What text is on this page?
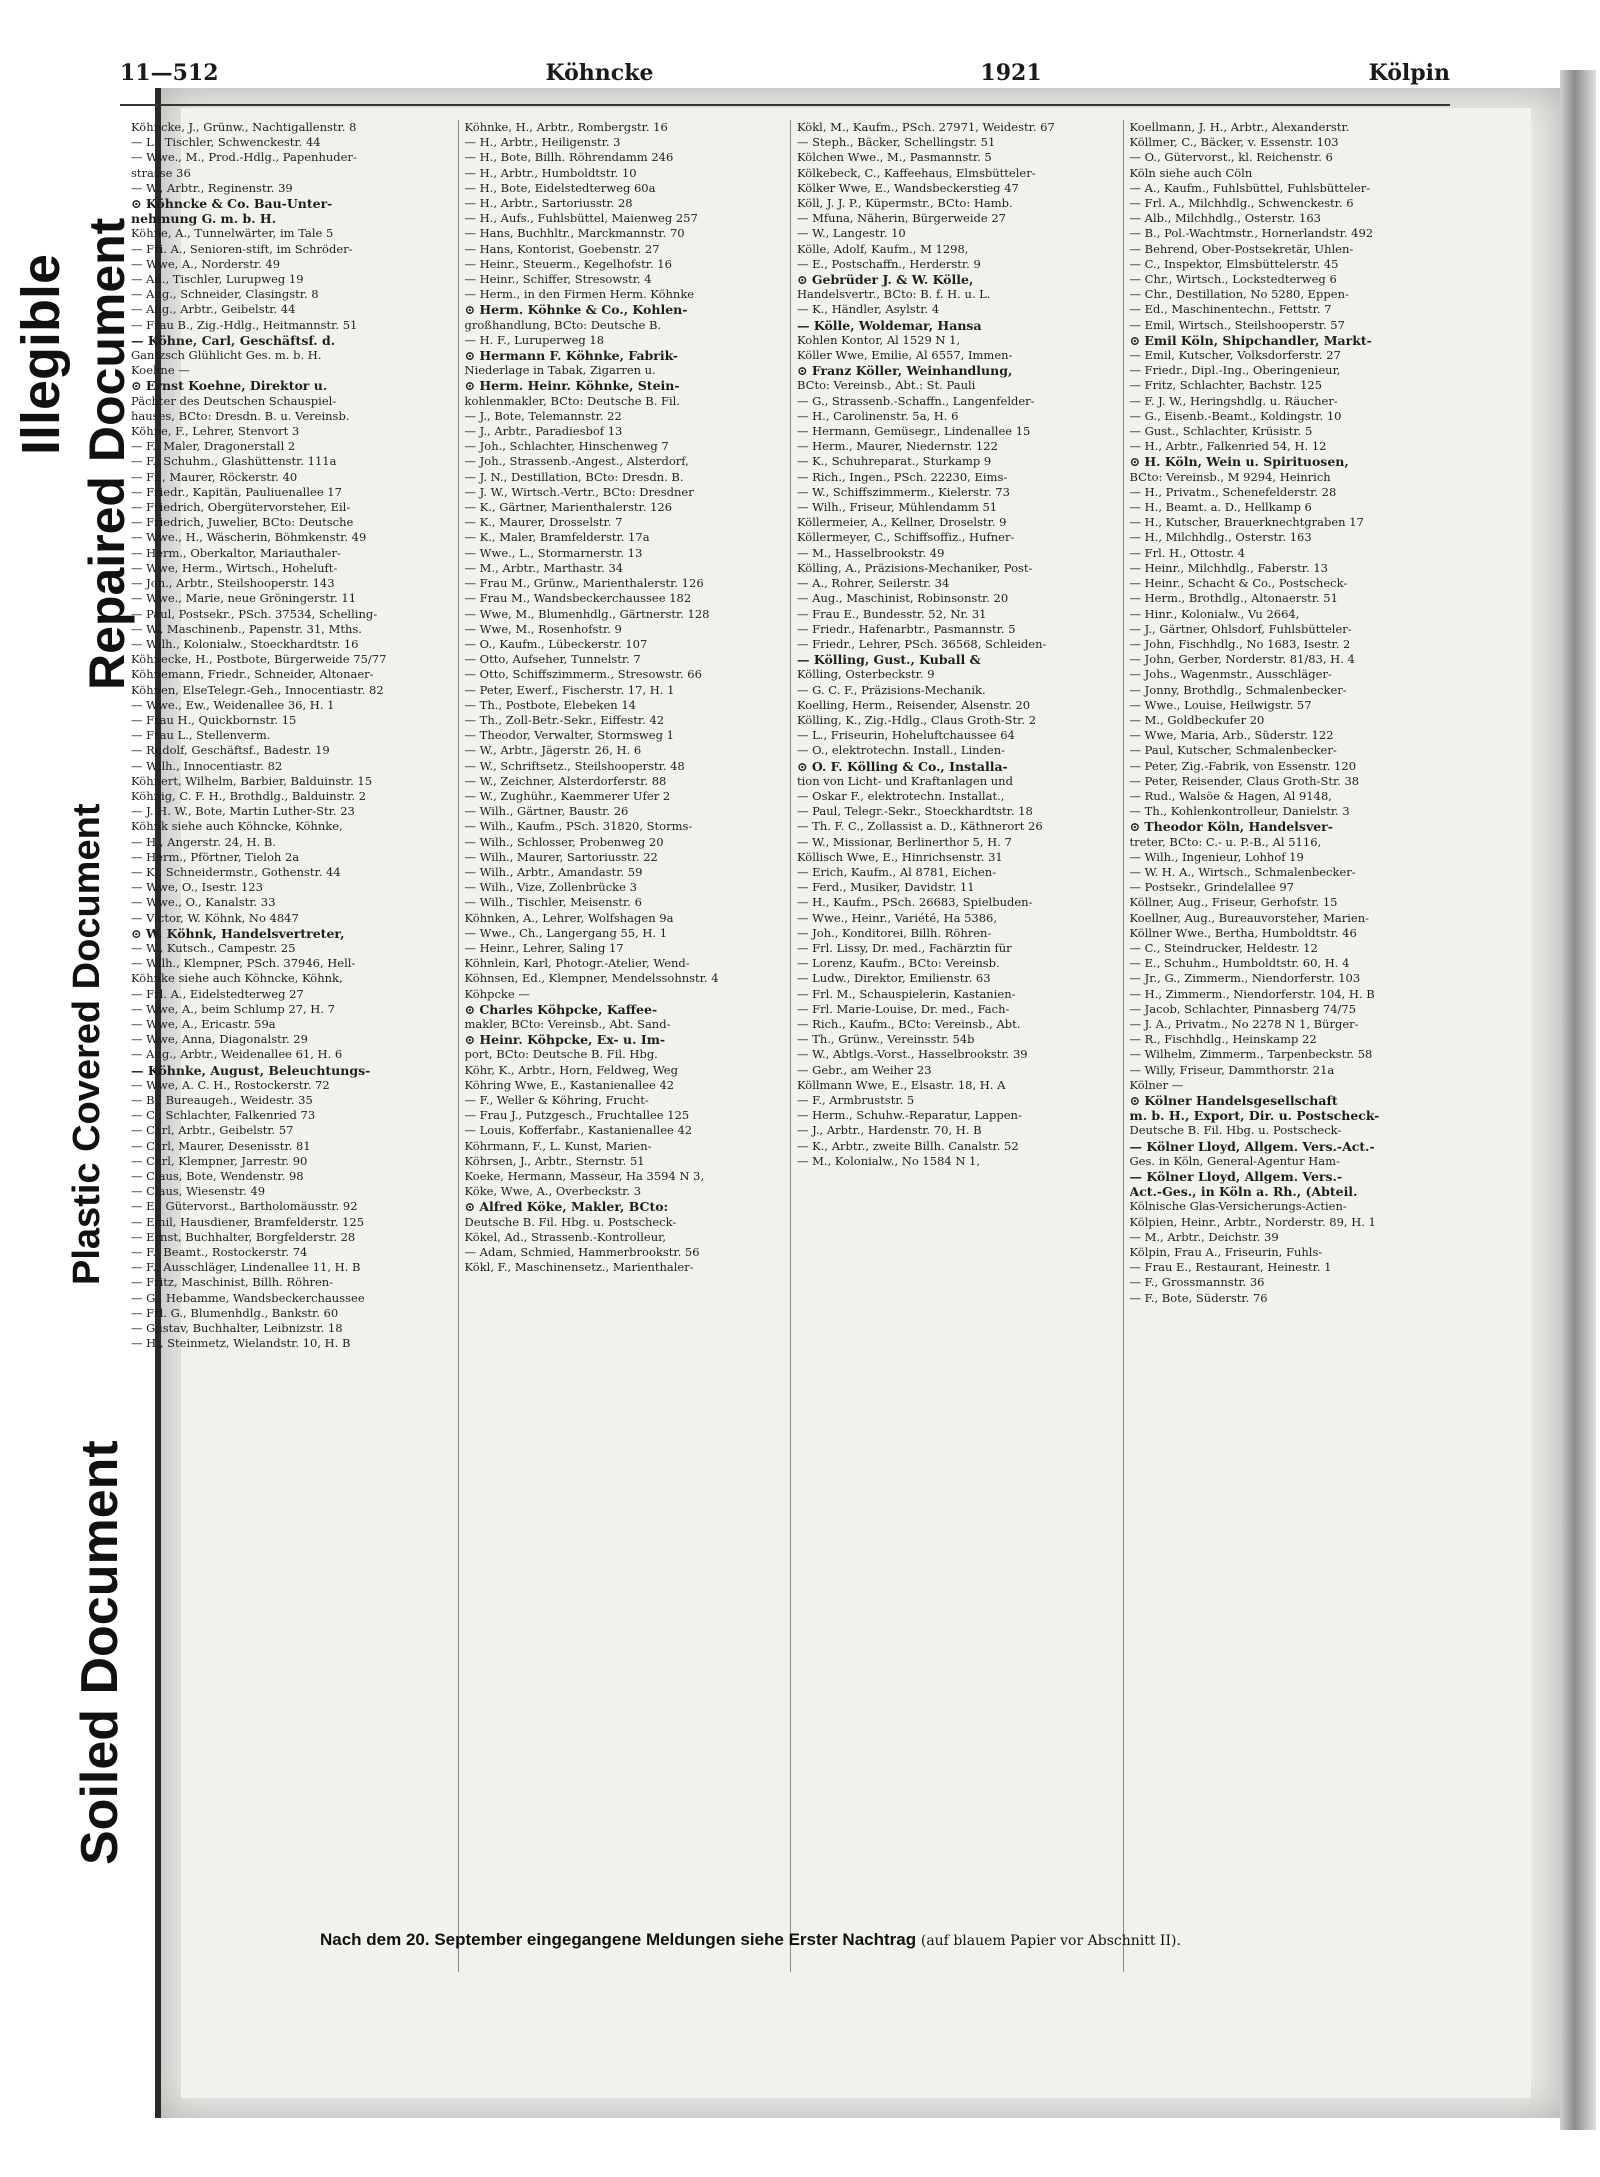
Illegible Repaired Document
Plastic Covered Document
Soiled Document
11—512	Köhncke	1921	Kölpin
Köhncke, J., Grünw., Nachtigallenstr. 8
— L., Tischler, Schwenckestr. 44
— Wwe., M., Prod.-Hdlg., Papenhuder-
strasse 36
— W., Arbtr., Reginenstr. 39
⊙ Köhncke & Co. Bau-Unter-
nehmung G. m. b. H.
Köhne, A., Tunnelwärter, im Tale 5
— Fri. A., Senioren-stift, im Schröder-
— Wwe, A., Norderstr. 49
— Ad., Tischler, Lurupweg 19
— Aug., Schneider, Clasingstr. 8
— Aug., Arbtr., Geibelstr. 44
— Frau B., Zig.-Hdlg., Heitmannstr. 51
— Köhne, Carl, Geschäftsf. d.
Gantzsch Glühlicht Ges. m. b. H.
Koehne —
⊙ Ernst Koehne, Direktor u.
Pächter des Deutschen Schauspiel-
hauses, BCto: Dresdn. B. u. Vereinsb.
Köhne, F., Lehrer, Stenvort 3
— F., Maler, Dragonerstall 2
— F., Schuhm., Glashüttenstr. 111a
— Fr., Maurer, Röckerstr. 40
— Friedr., Kapitän, Pauliuenallee 17
— Friedrich, Obergütervorsteher, Eil-
— Friedrich, Juwelier, BCto: Deutsche
— Wwe., H., Wäscherin, Böhmkenstr. 49
— Herm., Oberkaltor, Mariauthaler-
— Wwe, Herm., Wirtsch., Hoheluft-
— Joh., Arbtr., Steilshooperstr. 143
— Wwe., Marie, neue Gröningerstr. 11
— Paul, Postsekr., PSch. 37534, Schelling-
— W., Maschinenb., Papenstr. 31, Mths.
— Wilh., Kolonialw., Stoeckhardtstr. 16
Köhnecke, H., Postbote, Bürgerweide 75/77
Köhnemann, Friedr., Schneider, Altonaer-
Köhnen, ElseTelegr.-Geh., Innocentiastr. 82
— Wwe., Ew., Weidenallee 36, H. 1
— Frau H., Quickbornstr. 15
— Frau L., Stellenverm.
— Rudolf, Geschäftsf., Badestr. 19
— Wilh., Innocentiastr. 82
Köhnert, Wilhelm, Barbier, Balduinstr. 15
Köhnig, C. F. H., Brothdlg., Balduinstr. 2
— J. H. W., Bote, Martin Luther-Str. 23
Köhnk siehe auch Köhncke, Köhnke,
— H., Angerstr. 24, H. B.
— Herm., Pförtner, Tieloh 2a
— K., Schneidermstr., Gothenstr. 44
— Wwe, O., Isestr. 123
— Wwe., O., Kanalstr. 33
— Victor, W. Köhnk, No 4847
⊙ W. Köhnk, Handelsvertreter,
— W., Kutsch., Campestr. 25
— Wilh., Klempner, PSch. 37946, Hell-
Köhnke siehe auch Köhncke, Köhnk,
— Frl. A., Eidelstedterweg 27
— Wwe, A., beim Schlump 27, H. 7
— Wwe, A., Ericastr. 59a
— Wwe, Anna, Diagonalstr. 29
— Aug., Arbtr., Weidenallee 61, H. 6
— Köhnke, August, Beleuchtungs-
— Wwe, A. C. H., Rostockerstr. 72
— B., Bureaugeh., Weidestr. 35
— C., Schlachter, Falkenried 73
— Carl, Arbtr., Geibelstr. 57
— Carl, Maurer, Desenisstr. 81
— Carl, Klempner, Jarrestr. 90
— Claus, Bote, Wendenstr. 98
— Claus, Wiesenstr. 49
— E., Gütervorst., Bartholomäusstr. 92
— Emil, Hausdiener, Bramfelderstr. 125
— Ernst, Buchhalter, Borgfelderstr. 28
— F., Beamt., Rostockerstr. 74
— F., Ausschläger, Lindenallee 11, H. B
— Fritz, Maschinist, Billh. Röhren-
— G., Hebamme, Wandsbeckerchaussee
— Frl. G., Blumenhdlg., Bankstr. 60
— Gustav, Buchhalter, Leibnizstr. 18
— H., Steinmetz, Wielandstr. 10, H. B
Köhnke, H., Arbtr., Rombergstr. 16
— H., Arbtr., Heiligenstr. 3
— H., Bote, Billh. Röhrendamm 246
— H., Arbtr., Humboldtstr. 10
— H., Bote, Eidelstedterweg 60a
— H., Arbtr., Sartoriusstr. 28
— H., Aufs., Fuhlsbüttel, Maienweg 257
— Hans, Buchhltr., Marckmannstr. 70
— Hans, Kontorist, Goebenstr. 27
— Heinr., Steuerm., Kegelhofstr. 16
— Heinr., Schiffer, Stresowstr. 4
— Herm., in den Firmen Herm. Köhnke
⊙ Herm. Köhnke & Co., Kohlen-
großhandlung, BCto: Deutsche B.
— H. F., Luruperweg 18
⊙ Hermann F. Köhnke, Fabrik-
Niederlage in Tabak, Zigarren u.
⊙ Herm. Heinr. Köhnke, Stein-
kohlenmakler, BCto: Deutsche B. Fil.
— J., Bote, Telemannstr. 22
— J., Arbtr., Paradiesbof 13
— Joh., Schlachter, Hinschenweg 7
— Joh., Strassenb.-Angest., Alsterdorf,
— J. N., Destillation, BCto: Dresdn. B.
— J. W., Wirtsch.-Vertr., BCto: Dresdner
— K., Gärtner, Marienthalerstr. 126
— K., Maurer, Drosselstr. 7
— K., Maler, Bramfelderstr. 17a
— Wwe., L., Stormarnerstr. 13
— M., Arbtr., Marthastr. 34
— Frau M., Grünw., Marienthalerstr. 126
— Frau M., Wandsbeckerchaussee 182
— Wwe, M., Blumenhdlg., Gärtnerstr. 128
— Wwe, M., Rosenhofstr. 9
— O., Kaufm., Lübeckerstr. 107
— Otto, Aufseher, Tunnelstr. 7
— Otto, Schiffszimmerm., Stresowstr. 66
— Peter, Ewerf., Fischerstr. 17, H. 1
— Th., Postbote, Elebeken 14
— Th., Zoll-Betr.-Sekr., Eiffestr. 42
— Theodor, Verwalter, Stormsweg 1
— W., Arbtr., Jägerstr. 26, H. 6
— W., Schriftsetz., Steilshooperstr. 48
— W., Zeichner, Alsterdorferstr. 88
— W., Zughühr., Kaemmerer Ufer 2
— Wilh., Gärtner, Baustr. 26
— Wilh., Kaufm., PSch. 31820, Storms-
— Wilh., Schlosser, Probenweg 20
— Wilh., Maurer, Sartoriusstr. 22
— Wilh., Arbtr., Amandastr. 59
— Wilh., Vize, Zollenbrücke 3
— Wilh., Tischler, Meisenstr. 6
Köhnken, A., Lehrer, Wolfshagen 9a
— Wwe., Ch., Langergang 55, H. 1
— Heinr., Lehrer, Saling 17
Köhnlein, Karl, Photogr.-Atelier, Wend-
Köhnsen, Ed., Klempner, Mendelssohnstr. 4
Köhpcke —
⊙ Charles Köhpcke, Kaffee-
makler, BCto: Vereinsb., Abt. Sand-
⊙ Heinr. Köhpcke, Ex- u. Im-
port, BCto: Deutsche B. Fil. Hbg.
Köhr, K., Arbtr., Horn, Feldweg, Weg
Köhring Wwe, E., Kastanienallee 42
— F., Weller & Köhring, Frucht-
— Frau J., Putzgesch., Fruchtallee 125
— Louis, Kofferfabr., Kastanienallee 42
Köhrmann, F., L. Kunst, Marien-
Köhrsen, J., Arbtr., Sternstr. 51
Koeke, Hermann, Masseur, Ha 3594 N 3,
Köke, Wwe, A., Overbeckstr. 3
⊙ Alfred Köke, Makler, BCto:
Deutsche B. Fil. Hbg. u. Postscheck-
Kökel, Ad., Strassenb.-Kontrolleur,
— Adam, Schmied, Hammerbrookstr. 56
Kökl, F., Maschinensetz., Marienthaler-
Kökl, M., Kaufm., PSch. 27971, Weidestr. 67
— Steph., Bäcker, Schellingstr. 51
Kölchen Wwe., M., Pasmannstr. 5
Kölkebeck, C., Kaffeehaus, Elmsbütteler-
Kölker Wwe, E., Wandsbeckerstieg 47
Köll, J. J. P., Küpermstr., BCto: Hamb.
— Mfuna, Näherin, Bürgerweide 27
— W., Langestr. 10
Kölle, Adolf, Kaufm., M 1298,
— E., Postschaffn., Herderstr. 9
⊙ Gebrüder J. & W. Kölle,
Handelsvertr., BCto: B. f. H. u. L.
— K., Händler, Asylstr. 4
— Kölle, Woldemar, Hansa
Kohlen Kontor, Al 1529 N 1,
Köller Wwe, Emilie, Al 6557, Immen-
⊙ Franz Köller, Weinhandlung,
BCto: Vereinsb., Abt.: St. Pauli
— G., Strassenb.-Schaffn., Langenfelder-
— H., Carolinenstr. 5a, H. 6
— Hermann, Gemüsegr., Lindenallee 15
— Herm., Maurer, Niedernstr. 122
— K., Schuhreparat., Sturkamp 9
— Rich., Ingen., PSch. 22230, Eims-
— W., Schiffszimmerm., Kielerstr. 73
— Wilh., Friseur, Mühlendamm 51
Köllermeier, A., Kellner, Droselstr. 9
Köllermeyer, C., Schiffsoffiz., Hufner-
— M., Hasselbrookstr. 49
Kölling, A., Präzisions-Mechaniker, Post-
— A., Rohrer, Seilerstr. 34
— Aug., Maschinist, Robinsonstr. 20
— Frau E., Bundesstr. 52, Nr. 31
— Friedr., Hafenarbtr., Pasmannstr. 5
— Friedr., Lehrer, PSch. 36568, Schleiden-
— Kölling, Gust., Kuball &
Kölling, Osterbeckstr. 9
— G. C. F., Präzisions-Mechanik.
Koelling, Herm., Reisender, Alsenstr. 20
Kölling, K., Zig.-Hdlg., Claus Groth-Str. 2
— L., Friseurin, Hoheluftchaussee 64
— O., elektrotechn. Install., Linden-
⊙ O. F. Kölling & Co., Installa-
tion von Licht- und Kraftanlagen und
— Oskar F., elektrotechn. Installat.,
— Paul, Telegr.-Sekr., Stoeckhardtstr. 18
— Th. F. C., Zollassist a. D., Käthnerort 26
— W., Missionar, Berlinerthor 5, H. 7
Köllisch Wwe, E., Hinrichsenstr. 31
— Erich, Kaufm., Al 8781, Eichen-
— Ferd., Musiker, Davidstr. 11
— H., Kaufm., PSch. 26683, Spielbuden-
— Wwe., Heinr., Variété, Ha 5386,
— Joh., Konditorei, Billh. Röhren-
— Frl. Lissy, Dr. med., Fachärztin für
— Lorenz, Kaufm., BCto: Vereinsb.
— Ludw., Direktor, Emilienstr. 63
— Frl. M., Schauspielerin, Kastanien-
— Frl. Marie-Louise, Dr. med., Fach-
— Rich., Kaufm., BCto: Vereinsb., Abt.
— Th., Grünw., Vereinsstr. 54b
— W., Abtlgs.-Vorst., Hasselbrookstr. 39
— Gebr., am Weiher 23
Köllmann Wwe, E., Elsastr. 18, H. A
— F., Armbruststr. 5
— Herm., Schuhw.-Reparatur, Lappen-
— J., Arbtr., Hardenstr. 70, H. B
— K., Arbtr., zweite Billh. Canalstr. 52
— M., Kolonialw., No 1584 N 1,
Koellmann, J. H., Arbtr., Alexanderstr.
Köllmer, C., Bäcker, v. Essenstr. 103
— O., Gütervorst., kl. Reichenstr. 6
Köln siehe auch Cöln
— A., Kaufm., Fuhlsbüttel, Fuhlsbütteler-
— Frl. A., Milchhdlg., Schwenckestr. 6
— Alb., Milchhdlg., Osterstr. 163
— B., Pol.-Wachtmstr., Hornerlandstr. 492
— Behrend, Ober-Postsekretär, Uhlen-
— C., Inspektor, Elmsbüttelerstr. 45
— Chr., Wirtsch., Lockstedterweg 6
— Chr., Destillation, No 5280, Eppen-
— Ed., Maschinentechn., Fettstr. 7
— Emil, Wirtsch., Steilshooperstr. 57
⊙ Emil Köln, Shipchandler, Markt-
— Emil, Kutscher, Volksdorferstr. 27
— Friedr., Dipl.-Ing., Oberingenieur,
— Fritz, Schlachter, Bachstr. 125
— F. J. W., Heringshdlg. u. Räucher-
— G., Eisenb.-Beamt., Koldingstr. 10
— Gust., Schlachter, Krüsistr. 5
— H., Arbtr., Falkenried 54, H. 12
⊙ H. Köln, Wein u. Spirituosen,
BCto: Vereinsb., M 9294, Heinrich
— H., Privatm., Schenefelderstr. 28
— H., Beamt. a. D., Hellkamp 6
— H., Kutscher, Brauerknechtgraben 17
— H., Milchhdlg., Osterstr. 163
— Frl. H., Ottostr. 4
— Heinr., Milchhdlg., Faberstr. 13
— Heinr., Schacht & Co., Postscheck-
— Herm., Brothdlg., Altonaerstr. 51
— Hinr., Kolonialw., Vu 2664,
— J., Gärtner, Ohlsdorf, Fuhlsbütteler-
— John, Fischhdlg., No 1683, Isestr. 2
— John, Gerber, Norderstr. 81/83, H. 4
— Johs., Wagenmstr., Ausschläger-
— Jonny, Brothdlg., Schmalenbecker-
— Wwe., Louise, Heilwigstr. 57
— M., Goldbeckufer 20
— Wwe, Maria, Arb., Süderstr. 122
— Paul, Kutscher, Schmalenbecker-
— Peter, Zig.-Fabrik, von Essenstr. 120
— Peter, Reisender, Claus Groth-Str. 38
— Rud., Walsöe & Hagen, Al 9148,
— Th., Kohlenkontrolleur, Danielstr. 3
⊙ Theodor Köln, Handelsver-
treter, BCto: C.- u. P.-B., Al 5116,
— Wilh., Ingenieur, Lohhof 19
— W. H. A., Wirtsch., Schmalenbecker-
— Postsekr., Grindelallee 97
Köllner, Aug., Friseur, Gerhofstr. 15
Koellner, Aug., Bureauvorsteher, Marien-
Köllner Wwe., Bertha, Humboldtstr. 46
— C., Steindrucker, Heldestr. 12
— E., Schuhm., Humboldtstr. 60, H. 4
— Jr., G., Zimmerm., Niendorferstr. 103
— H., Zimmerm., Niendorferstr. 104, H. B
— Jacob, Schlachter, Pinnasberg 74/75
— J. A., Privatm., No 2278 N 1, Bürger-
— R., Fischhdlg., Heinskamp 22
— Wilhelm, Zimmerm., Tarpenbeckstr. 58
— Willy, Friseur, Dammthorstr. 21a
Kölner —
⊙ Kölner Handelsgesellschaft
m. b. H., Export, Dir. u. Postscheck-
Deutsche B. Fil. Hbg. u. Postscheck-
— Kölner Lloyd, Allgem. Vers.-Act.-
Ges. in Köln, General-Agentur Ham-
— Kölner Lloyd, Allgem. Vers.-
Act.-Ges., in Köln a. Rh., (Abteil.
Kölnische Glas-Versicherungs-Actien-
Kölpien, Heinr., Arbtr., Norderstr. 89, H. 1
— M., Arbtr., Deichstr. 39
Kölpin, Frau A., Friseurin, Fuhls-
— Frau E., Restaurant, Heinestr. 1
— F., Grossmannstr. 36
— F., Bote, Süderstr. 76
Nach dem 20. September eingegangene Meldungen siehe Erster Nachtrag (auf blauem Papier vor Abschnitt II).
